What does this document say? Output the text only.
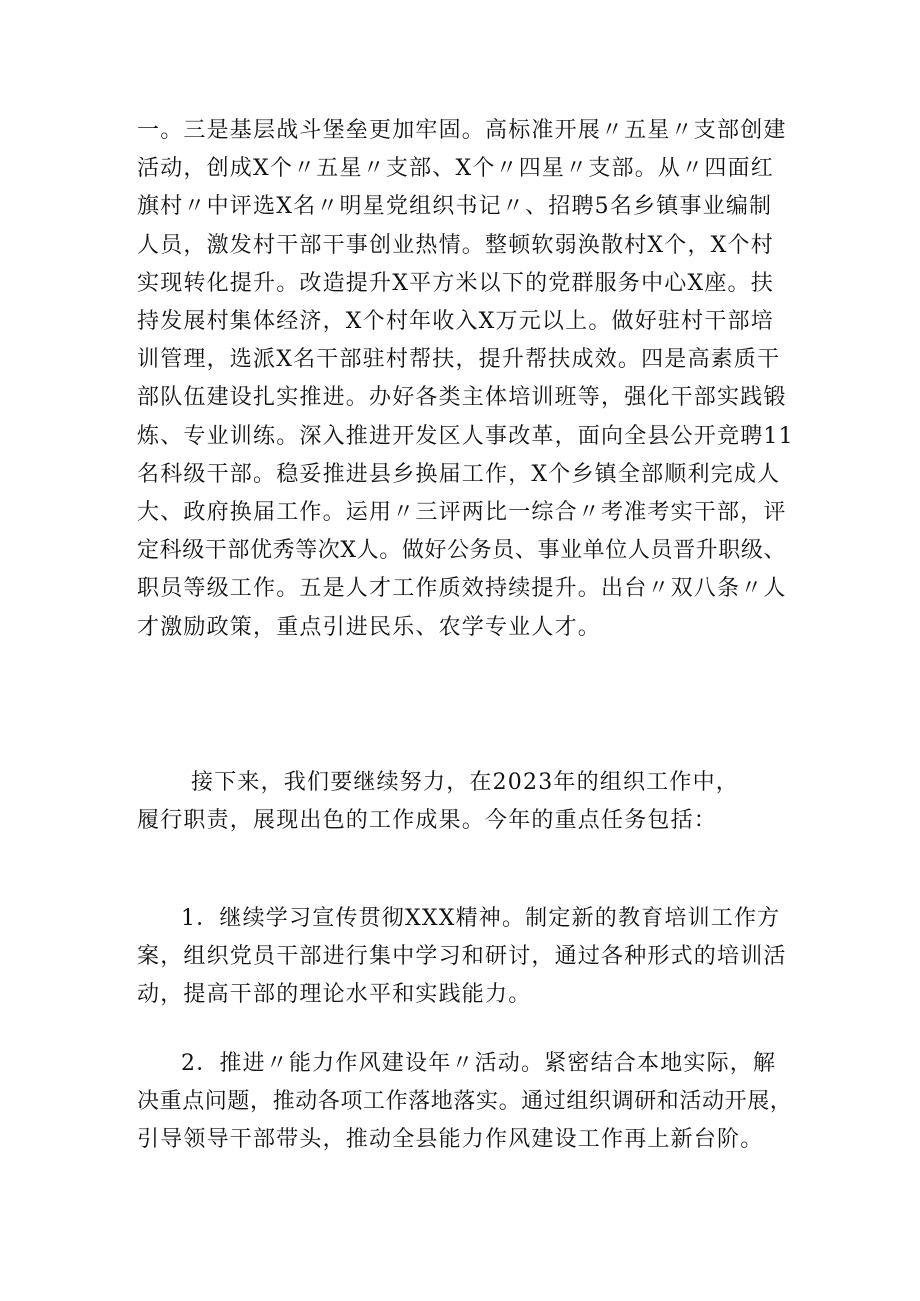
一。三是基层战斗堡垒更加牢固。高标准开展〃五星〃支部创建
活动，创成X个〃五星〃支部、X个〃四星〃支部。从〃四面红
旗村〃中评选X名〃明星党组织书记〃、招聘5名乡镇事业编制
人员，激发村干部干事创业热情。整顿软弱涣散村X个，X个村
实现转化提升。改造提升X平方米以下的党群服务中心X座。扶
持发展村集体经济，X个村年收入X万元以上。做好驻村干部培
训管理，选派X名干部驻村帮扶，提升帮扶成效。四是高素质干
部队伍建设扎实推进。办好各类主体培训班等，强化干部实践锻
炼、专业训练。深入推进开发区人事改革，面向全县公开竞聘11
名科级干部。稳妥推进县乡换届工作，X个乡镇全部顺利完成人
大、政府换届工作。运用〃三评两比一综合〃考准考实干部，评
定科级干部优秀等次X人。做好公务员、事业单位人员晋升职级、
职员等级工作。五是人才工作质效持续提升。出台〃双八条〃人
才激励政策，重点引进民乐、农学专业人才。
接下来，我们要继续努力，在2023年的组织工作中，
履行职责，展现出色的工作成果。今年的重点任务包括：
1．继续学习宣传贯彻XXX精神。制定新的教育培训工作方
案，组织党员干部进行集中学习和研讨，通过各种形式的培训活
动，提高干部的理论水平和实践能力。
2．推进〃能力作风建设年〃活动。紧密结合本地实际，解
决重点问题，推动各项工作落地落实。通过组织调研和活动开展，
引导领导干部带头，推动全县能力作风建设工作再上新台阶。
